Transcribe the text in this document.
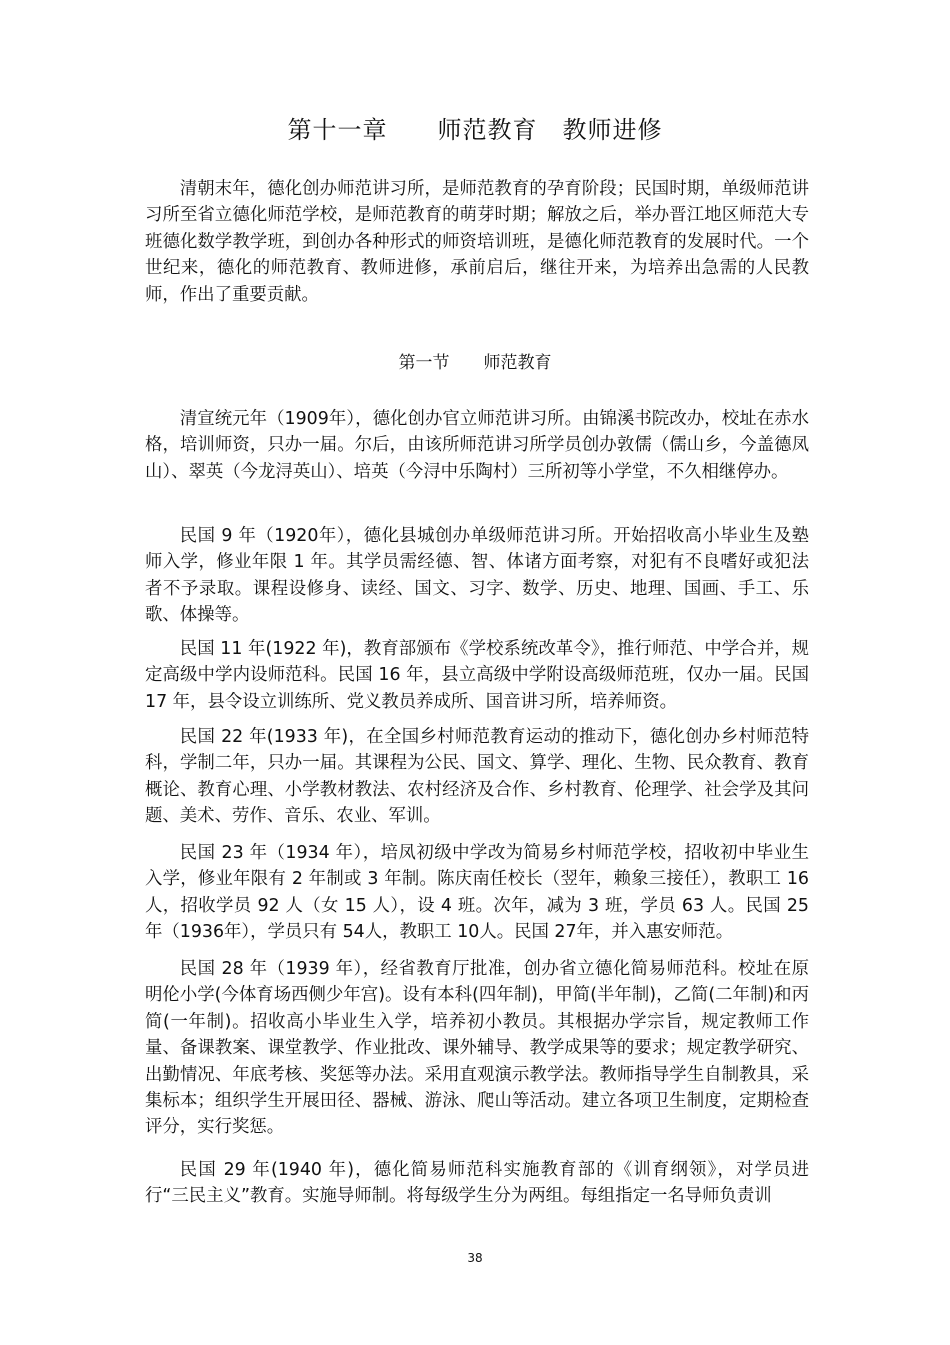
第十一章　　师范教育　教师进修

清朝末年，德化创办师范讲习所，是师范教育的孕育阶段；民国时期，单级师范讲习所至省立德化师范学校，是师范教育的萌芽时期；解放之后，举办晋江地区师范大专班德化数学教学班，到创办各种形式的师资培训班，是德化师范教育的发展时代。一个世纪来，德化的师范教育、教师进修，承前启后，继往开来，为培养出急需的人民教师，作出了重要贡献。

第一节　　师范教育

清宣统元年（1909年），德化创办官立师范讲习所。由锦溪书院改办，校址在赤水格，培训师资，只办一届。尔后，由该所师范讲习所学员创办敦儒（儒山乡，今盖德凤山）、翠英（今龙浔英山）、培英（今浔中乐陶村）三所初等小学堂，不久相继停办。

民国 9 年（1920年），德化县城创办单级师范讲习所。开始招收高小毕业生及塾师入学，修业年限 1 年。其学员需经德、智、体诸方面考察，对犯有不良嗜好或犯法者不予录取。课程设修身、读经、国文、习字、数学、历史、地理、国画、手工、乐歌、体操等。

民国 11 年(1922 年)，教育部颁布《学校系统改革令》，推行师范、中学合并，规定高级中学内设师范科。民国 16 年，县立高级中学附设高级师范班，仅办一届。民国 17 年，县令设立训练所、党义教员养成所、国音讲习所，培养师资。

民国 22 年(1933 年)，在全国乡村师范教育运动的推动下，德化创办乡村师范特科，学制二年，只办一届。其课程为公民、国文、算学、理化、生物、民众教育、教育概论、教育心理、小学教材教法、农村经济及合作、乡村教育、伦理学、社会学及其问题、美术、劳作、音乐、农业、军训。

民国 23 年（1934 年），培凤初级中学改为简易乡村师范学校，招收初中毕业生入学，修业年限有 2 年制或 3 年制。陈庆南任校长（翌年，赖象三接任），教职工 16人，招收学员 92 人（女 15 人），设 4 班。次年，减为 3 班，学员 63 人。民国 25 年（1936年），学员只有 54人，教职工 10人。民国 27年，并入惠安师范。

民国 28 年（1939 年），经省教育厅批准，创办省立德化简易师范科。校址在原明伦小学(今体育场西侧少年宫)。设有本科(四年制)，甲简(半年制)，乙简(二年制)和丙简(一年制)。招收高小毕业生入学，培养初小教员。其根据办学宗旨，规定教师工作量、备课教案、课堂教学、作业批改、课外辅导、教学成果等的要求；规定教学研究、出勤情况、年底考核、奖惩等办法。采用直观演示教学法。教师指导学生自制教具，采集标本；组织学生开展田径、器械、游泳、爬山等活动。建立各项卫生制度，定期检查评分，实行奖惩。

民国 29 年(1940 年)，德化简易师范科实施教育部的《训育纲领》，对学员进行“三民主义”教育。实施导师制。将每级学生分为两组。每组指定一名导师负责训

38
